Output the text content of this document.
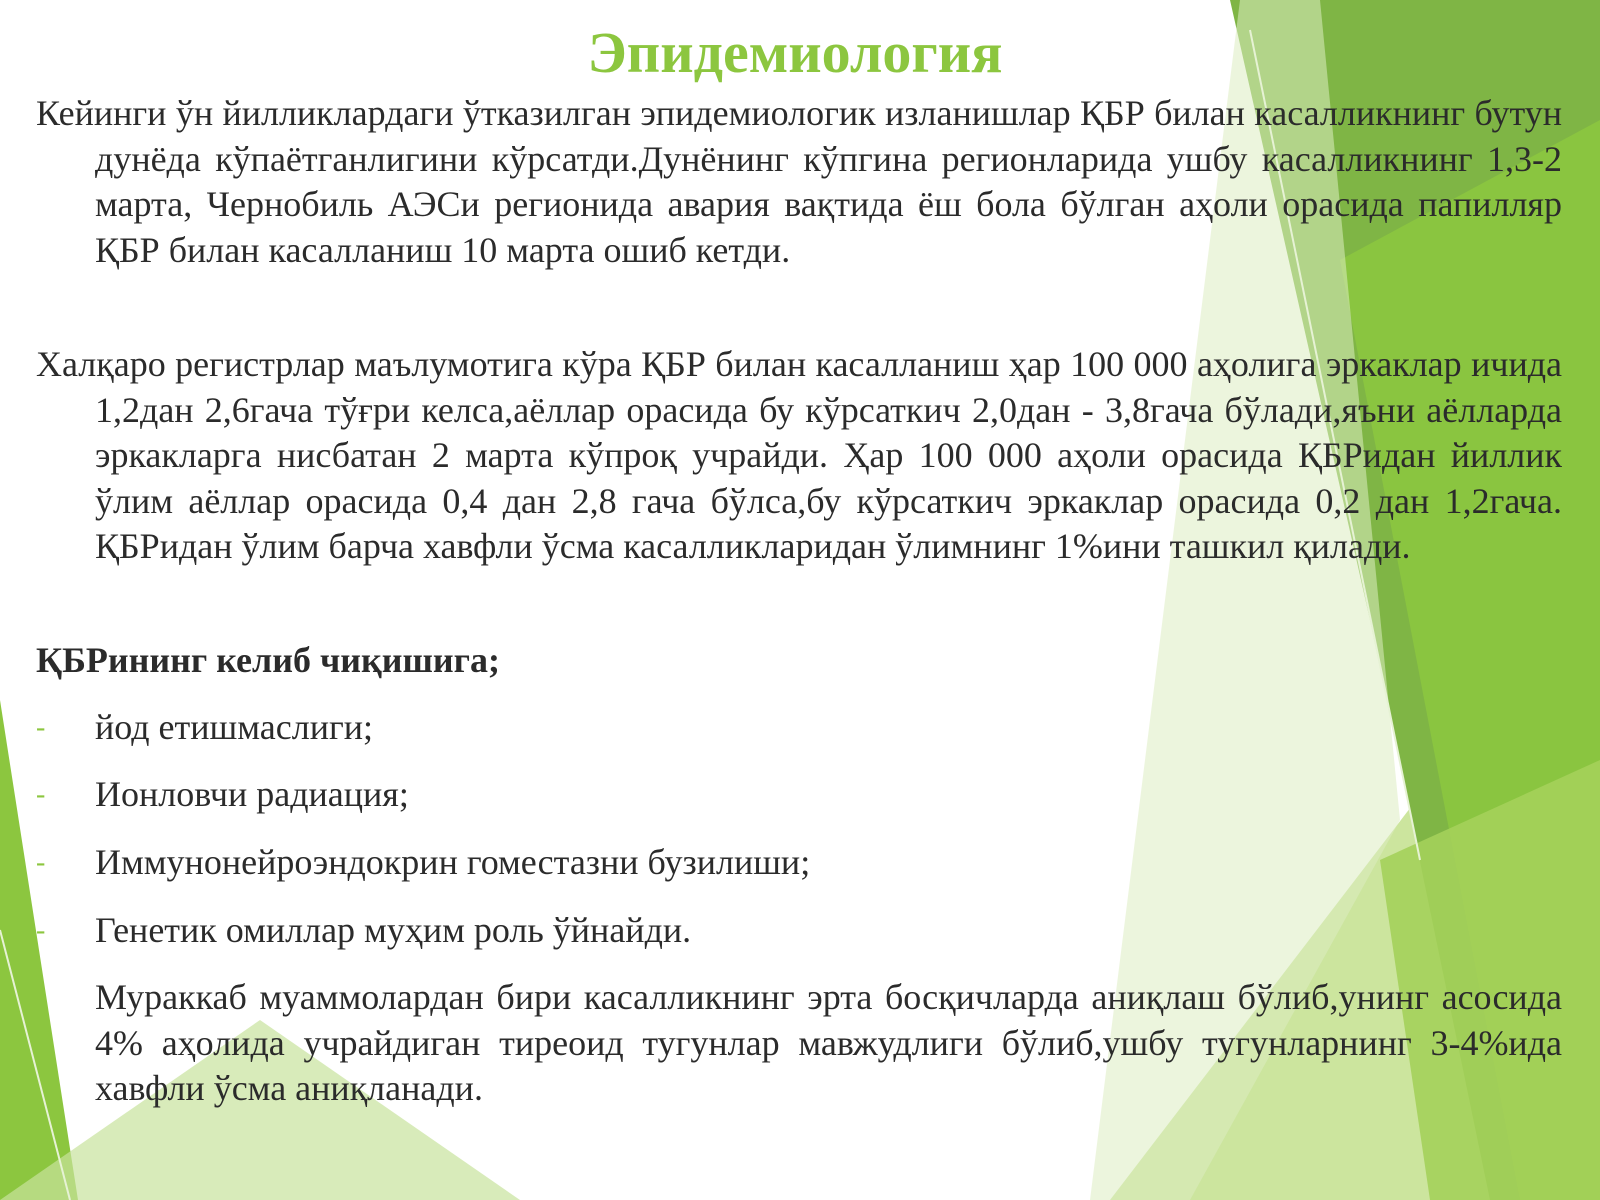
Эпидемиология

Кейинги ўн йилликлардаги ўтказилган эпидемиологик изланишлар ҚБР билан касалликнинг бутун дунёда кўпаётганлигини кўрсатди.Дунёнинг кўпгина регионларида ушбу касалликнинг 1,3-2 марта, Чернобиль АЭСи регионида авария вақтида ёш бола бўлган аҳоли орасида папилляр ҚБР билан касалланиш 10 марта ошиб кетди.

Халқаро регистрлар маълумотига кўра ҚБР билан касалланиш ҳар 100 000 аҳолига эркаклар ичида 1,2дан 2,6гача тўғри келса,аёллар орасида бу кўрсаткич 2,0дан - 3,8гача бўлади,яъни аёлларда эркакларга нисбатан 2 марта кўпроқ учрайди. Ҳар 100 000 аҳоли орасида ҚБРидан йиллик ўлим аёллар орасида 0,4 дан 2,8 гача бўлса,бу кўрсаткич эркаклар орасида 0,2 дан 1,2гача. ҚБРидан ўлим барча хавфли ўсма касалликларидан ўлимнинг 1%ини ташкил қилади.

ҚБРининг келиб чиқишига;

- йод етишмаслиги;
- Ионловчи радиация;
- Иммунонейроэндокрин гоместазни бузилиши;
- Генетик омиллар муҳим роль ўйнайди.

Мураккаб муаммолардан бири касалликнинг эрта босқичларда аниқлаш бўлиб,унинг асосида 4% аҳолида учрайдиган тиреоид тугунлар мавжудлиги бўлиб,ушбу тугунларнинг 3-4%ида хавфли ўсма аниқланади.
